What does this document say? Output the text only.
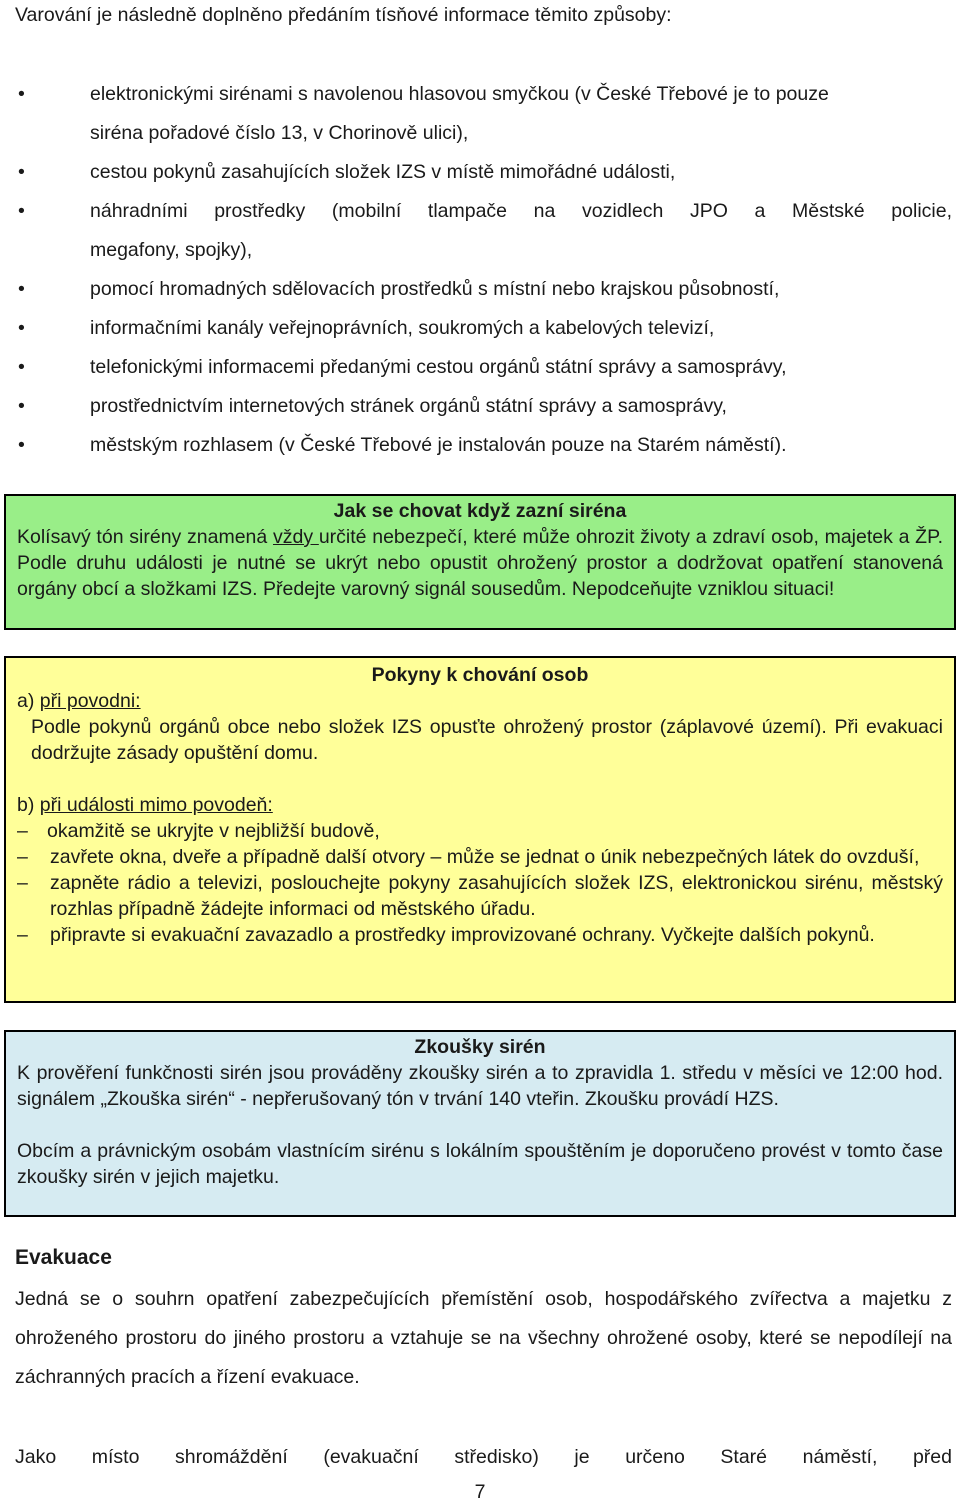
Varování je následně doplněno předáním tísňové informace těmito způsoby:
•	elektronickými sirénami s navolenou hlasovou smyčkou (v České Třebové je to pouze
siréna pořadové číslo 13, v Chorinově ulici),
•	cestou pokynů zasahujících složek IZS v místě mimořádné události,
•	náhradními prostředky (mobilní tlampače na vozidlech JPO a Městské policie,
megafony, spojky),
•	pomocí hromadných sdělovacích prostředků s místní nebo krajskou působností,
•	informačními kanály veřejnoprávních, soukromých a kabelových televizí,
•	telefonickými informacemi předanými cestou orgánů státní správy a samosprávy,
•	prostřednictvím internetových stránek orgánů státní správy a samosprávy,
•	městským rozhlasem (v České Třebové je instalován pouze na Starém náměstí).
Jak se chovat když zazní siréna

Kolísavý tón sirény znamená vždy určité nebezpečí, které může ohrozit životy a zdraví osob, majetek a ŽP. Podle druhu události je nutné se ukrýt nebo opustit ohrožený prostor a dodržovat opatření stanovená orgány obcí a složkami IZS. Předejte varovný signál sousedům. Nepodceňujte vzniklou situaci!

Pokyny k chování osob
a) při povodni:

Podle pokynů orgánů obce nebo složek IZS opusťte ohrožený prostor (záplavové území). Při evakuaci dodržujte zásady opuštění domu.

b) při události mimo povodeň:
– okamžitě se ukryjte v nejbližší budově,

– zavřete okna, dveře a případně další otvory – může se jednat o únik nebezpečných látek do ovzduší,

– zapněte rádio a televizi, poslouchejte pokyny zasahujících složek IZS, elektronickou sirénu, městský rozhlas případně žádejte informaci od městského úřadu.

– připravte si evakuační zavazadlo a prostředky improvizované ochrany. Vyčkejte dalších pokynů.

Zkoušky sirén

K prověření funkčnosti sirén jsou prováděny zkoušky sirén a to zpravidla 1. středu v měsíci ve 12:00 hod. signálem „Zkouška sirén“ - nepřerušovaný tón v trvání 140 vteřin. Zkoušku provádí HZS.

Obcím a právnickým osobám vlastnícím sirénu s lokálním spouštěním je doporučeno provést v tomto čase zkoušky sirén v jejich majetku.

Evakuace
Jedná se o souhrn opatření zabezpečujících přemístění osob, hospodářského zvířectva a majetku z ohroženého prostoru do jiného prostoru a vztahuje se na všechny ohrožené osoby, které se nepodílejí na záchranných pracích a řízení evakuace.
Jako místo shromáždění (evakuační středisko) je určeno Staré náměstí, před
7
